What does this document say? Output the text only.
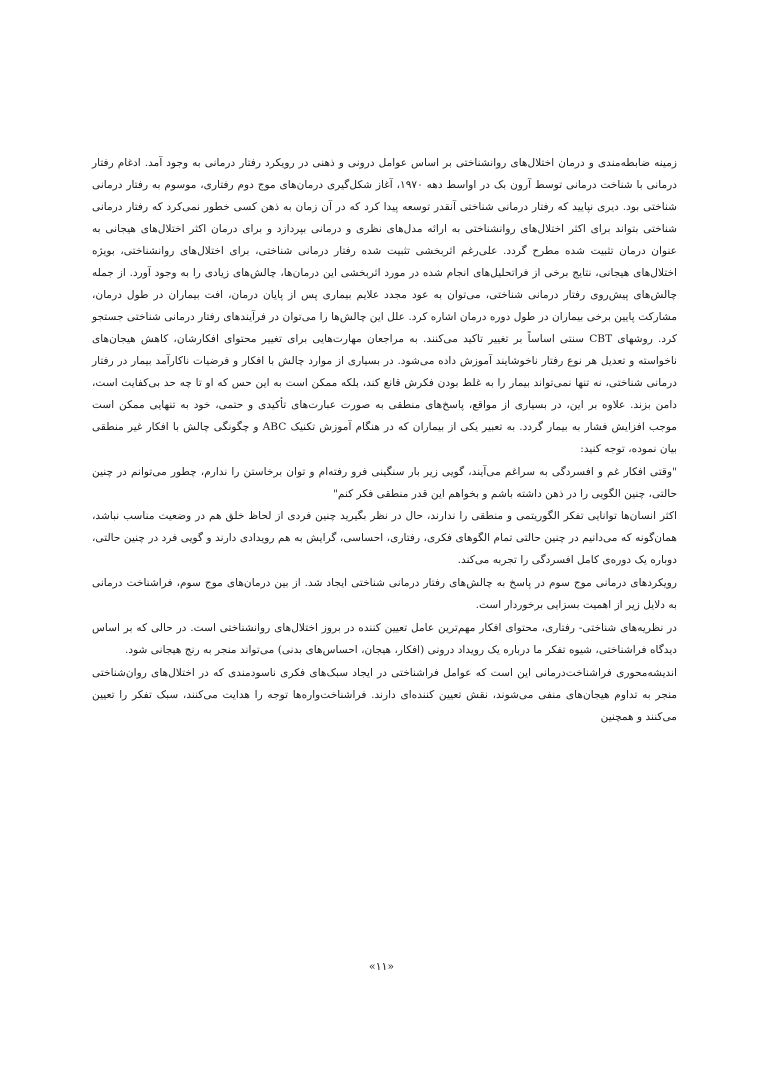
زمینه ضابطه‌مندی و درمان اختلال‌های روانشناختی بر اساس عوامل درونی و ذهنی در رویکرد رفتار درمانی به وجود آمد. ادغام رفتار درمانی با شناخت درمانی توسط آرون بک در اواسط دهه ۱۹۷۰، آغاز شکل‌گیری درمان‌های موج دوم رفتاری، موسوم به رفتار درمانی شناختی بود. دیری نپایید که رفتار درمانی شناختی آنقدر توسعه پیدا کرد که در آن زمان به ذهن کسی خطور نمی‌کرد که رفتار درمانی شناختی بتواند برای اکثر اختلال‌های روانشناختی به ارائه مدل‌های نظری و درمانی بپردازد و برای درمان اکثر اختلال‌های هیجانی به عنوان درمان تثبیت شده مطرح گردد. علی‌رغم اثربخشی تثبیت شده رفتار درمانی شناختی، برای اختلال‌های روانشناختی، بویژه اختلال‌های هیجانی، نتایج برخی از فراتحلیل‌های انجام شده در مورد اثربخشی این درمان‌ها، چالش‌های زیادی را به وجود آورد. از جمله چالش‌های پیش‌روی رفتار درمانی شناختی، می‌توان به عود مجدد علایم بیماری پس از پایان درمان، افت بیماران در طول درمان، مشارکت پایین برخی بیماران در طول دوره درمان اشاره کرد. علل این چالش‌ها را می‌توان در فرآیندهای رفتار درمانی شناختی جستجو کرد. روشهای CBT سنتی اساساً بر تغییر تاکید می‌کنند. به مراجعان مهارت‌هایی برای تغییر محتوای افکارشان، کاهش هیجان‌های ناخواسته و تعدیل هر نوع رفتار ناخوشایند آموزش داده می‌شود. در بسیاری از موارد چالش با افکار و فرضیات ناکارآمد بیمار در رفتار درمانی شناختی، نه تنها نمی‌تواند بیمار را به غلط بودن فکرش قانع کند، بلکه ممکن است به این حس که او تا چه حد بی‌کفایت است، دامن بزند. علاوه بر این، در بسیاری از مواقع، پاسخ‌های منطقی به صورت عبارت‌های تأکیدی و حتمی، خود به تنهایی ممکن است موجب افزایش فشار به بیمار گردد. به تعبیر یکی از بیماران که در هنگام آموزش تکنیک ABC و چگونگی چالش با افکار غیر منطقی بیان نموده، توجه کنید:

"وقتی افکار غم و افسردگی به سراغم می‌آیند، گویی زیر بار سنگینی فرو رفته‌ام و توان برخاستن را ندارم، چطور می‌توانم در چنین حالتی، چنین الگویی را در ذهن داشته باشم و بخواهم این قدر منطقی فکر کنم"

اکثر انسان‌ها توانایی تفکر الگوریتمی و منطقی را ندارند، حال در نظر بگیرید چنین فردی از لحاظ خلق هم در وضعیت مناسب نباشد، همان‌گونه که می‌دانیم در چنین حالتی تمام الگوهای فکری، رفتاری، احساسی، گرایش به هم رویدادی دارند و گویی فرد در چنین حالتی، دوباره یک دوره‌ی کامل افسردگی را تجربه می‌کند.

رویکردهای درمانی موج سوم در پاسخ به چالش‌های رفتار درمانی شناختی ایجاد شد. از بین درمان‌های موج سوم، فراشناخت درمانی به دلایل زیر از اهمیت بسزایی برخوردار است.

در نظریه‌های شناختی- رفتاری، محتوای افکار مهم‌ترین عامل تعیین کننده در بروز اختلال‌های روانشناختی است. در حالی که بر اساس دیدگاه فراشناختی، شیوه تفکر ما درباره یک رویداد درونی (افکار، هیجان، احساس‌های بدنی) می‌تواند منجر به رنج هیجانی شود.

اندیشه‌محوری فراشناخت‌درمانی این است که عوامل فراشناختی در ایجاد سبک‌های فکری ناسودمندی که در اختلال‌های روان‌شناختی منجر به تداوم هیجان‌های منفی می‌شوند، نقش تعیین کننده‌ای دارند. فراشناخت‌واره‌ها توجه را هدایت می‌کنند، سبک تفکر را تعیین می‌کنند و همچنین

«۱۱»
